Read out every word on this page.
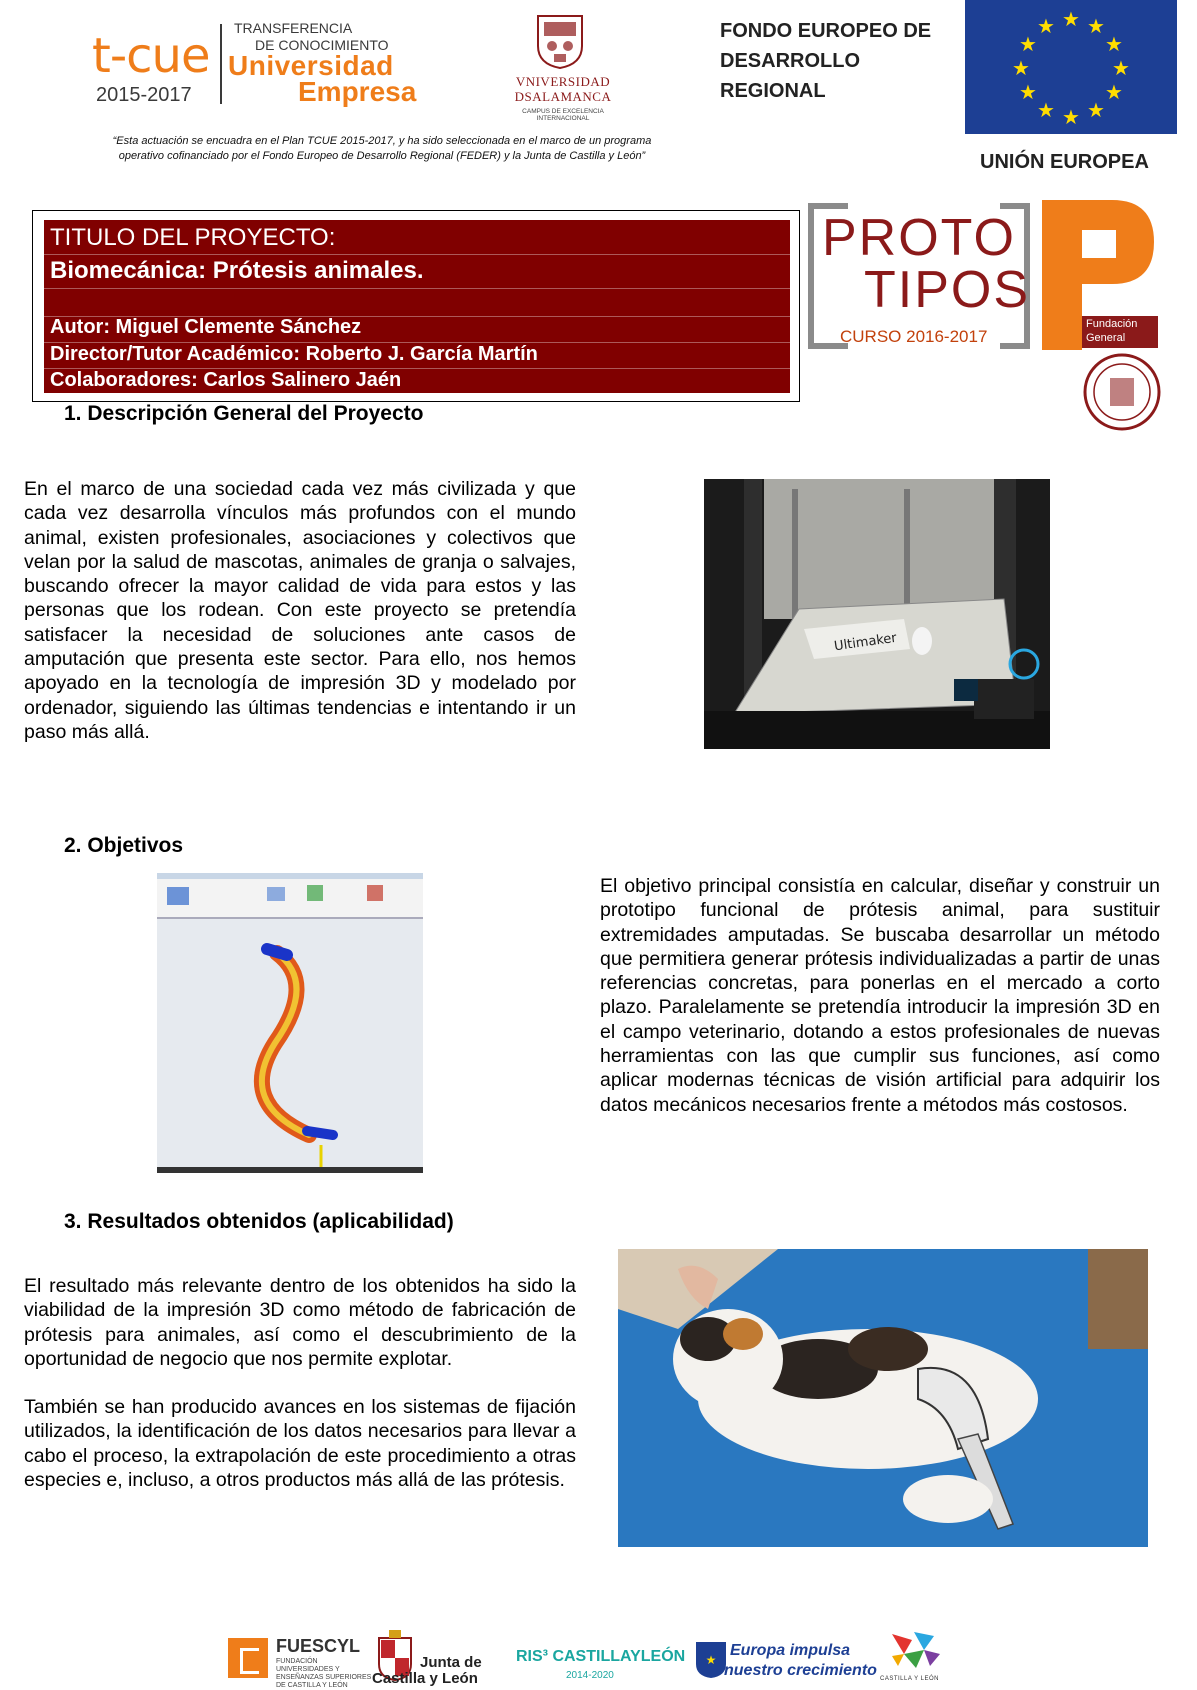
t-cue
2015-2017
TRANSFERENCIA
DE CONOCIMIENTO
Universidad
Empresa	VNIVERSIDAD
DSALAMANCA
CAMPUS DE EXCELENCIA INTERNACIONAL
FONDO EUROPEO DE
DESARROLLO
REGIONAL
★ ★
★
★
★
★
★
★
★
★
★
★
UNIÓN EUROPEA
“Esta actuación se encuadra en el Plan TCUE 2015-2017, y ha sido seleccionada en el marco de un programa
operativo cofinanciado por el Fondo Europeo de Desarrollo Regional (FEDER) y la Junta de Castilla y León”
TITULO DEL PROYECTO:
Biomecánica: Prótesis animales.
Autor: Miguel Clemente Sánchez
Director/Tutor Académico: Roberto J. García Martín
Colaboradores: Carlos Salinero Jaén
PROTO
TIPOS
CURSO 2016-2017
Fundación
General
1. Descripción General del Proyecto
En el marco de una sociedad cada vez más civilizada y que cada vez desarrolla vínculos más profundos con el mundo animal, existen profesionales, asociaciones y colectivos que velan por la salud de mascotas, animales de granja o salvajes, buscando ofrecer la mayor calidad de vida para estos y las personas que los rodean. Con este proyecto se pretendía satisfacer la necesidad de soluciones ante casos de amputación que presenta este sector. Para ello, nos hemos apoyado en la tecnología de impresión 3D y modelado por ordenador, siguiendo las últimas tendencias e intentando ir un paso más allá.
Ultimaker
2. Objetivos
El objetivo principal consistía en calcular, diseñar y construir un prototipo funcional de prótesis animal, para sustituir extremidades amputadas. Se buscaba desarrollar un método que permitiera generar prótesis individualizadas a partir de unas referencias concretas, para ponerlas en el mercado a corto plazo. Paralelamente se pretendía introducir la impresión 3D en el campo veterinario, dotando a estos profesionales de nuevas herramientas con las que cumplir sus funciones, así como aplicar modernas técnicas de visión artificial para adquirir los datos mecánicos necesarios frente a métodos más costosos.
3. Resultados obtenidos (aplicabilidad)
El resultado más relevante dentro de los obtenidos ha sido la viabilidad de la impresión 3D como método de fabricación de prótesis para animales, así como el descubrimiento de la oportunidad de negocio que nos permite explotar.
También se han producido avances en los sistemas de fijación utilizados, la identificación de los datos necesarios para llevar a cabo el proceso, la extrapolación de este procedimiento a otras especies e, incluso, a otros productos más allá de las prótesis.
FUESCYL
FUNDACIÓN UNIVERSIDADES Y ENSEÑANZAS SUPERIORES DE CASTILLA Y LEÓN
Junta de
Castilla y León
RIS³ CASTILLAYLEÓN
2014-2020
★
Europa impulsa
nuestro crecimiento CASTILLA Y LEÓN
